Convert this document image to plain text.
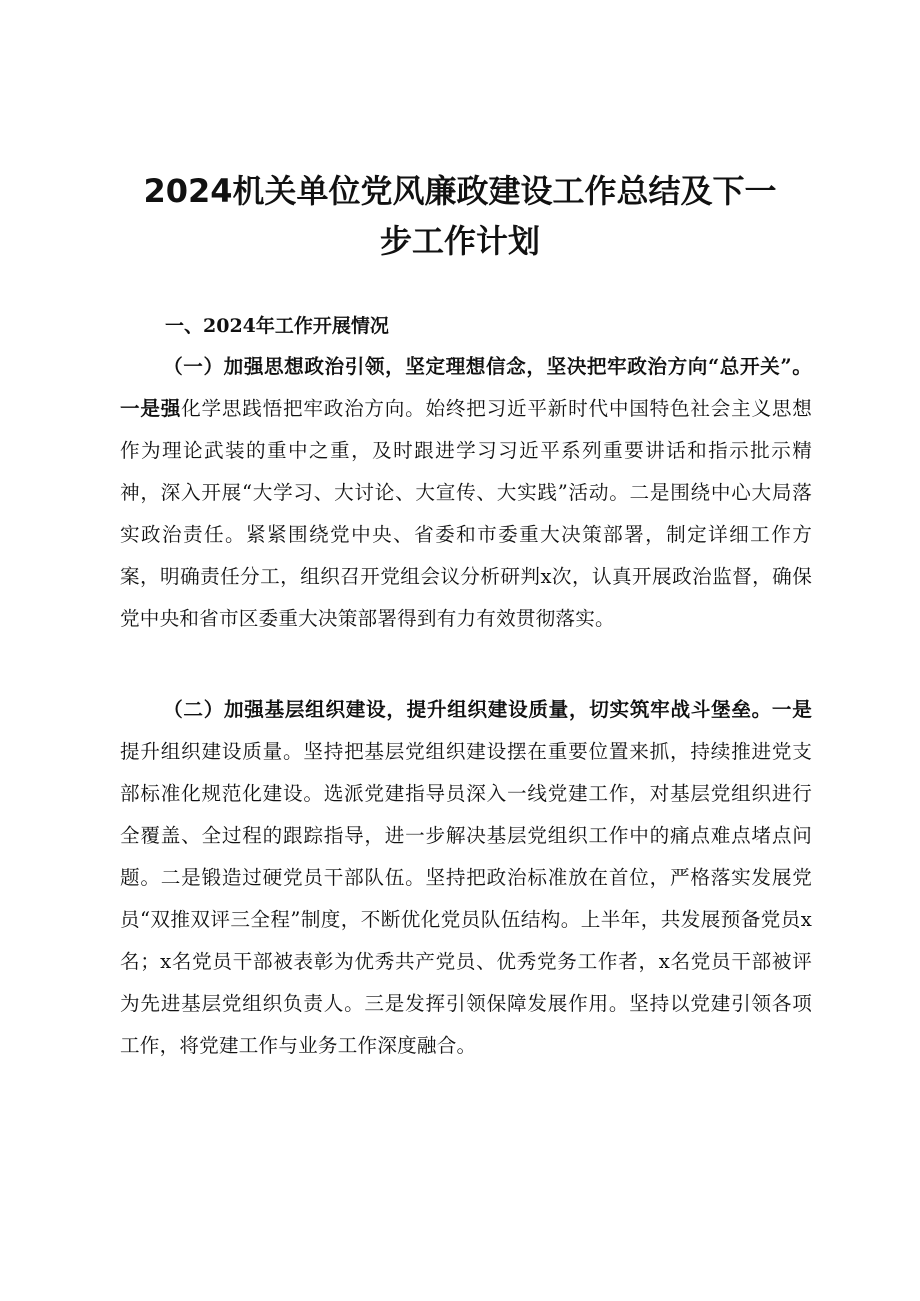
2024机关单位党风廉政建设工作总结及下一
步工作计划
一、2024年工作开展情况

（一）加强思想政治引领，坚定理想信念，坚决把牢政治方向“总开关”。一是强化学思践悟把牢政治方向。始终把习近平新时代中国特色社会主义思想作为理论武装的重中之重，及时跟进学习习近平系列重要讲话和指示批示精神，深入开展“大学习、大讨论、大宣传、大实践”活动。二是围绕中心大局落实政治责任。紧紧围绕党中央、省委和市委重大决策部署，制定详细工作方案，明确责任分工，组织召开党组会议分析研判x次，认真开展政治监督，确保党中央和省市区委重大决策部署得到有力有效贯彻落实。

（二）加强基层组织建设，提升组织建设质量，切实筑牢战斗堡垒。一是提升组织建设质量。坚持把基层党组织建设摆在重要位置来抓，持续推进党支部标准化规范化建设。选派党建指导员深入一线党建工作，对基层党组织进行全覆盖、全过程的跟踪指导，进一步解决基层党组织工作中的痛点难点堵点问题。二是锻造过硬党员干部队伍。坚持把政治标准放在首位，严格落实发展党员“双推双评三全程”制度，不断优化党员队伍结构。上半年，共发展预备党员x名；x名党员干部被表彰为优秀共产党员、优秀党务工作者，x名党员干部被评为先进基层党组织负责人。三是发挥引领保障发展作用。坚持以党建引领各项工作，将党建工作与业务工作深度融合。
